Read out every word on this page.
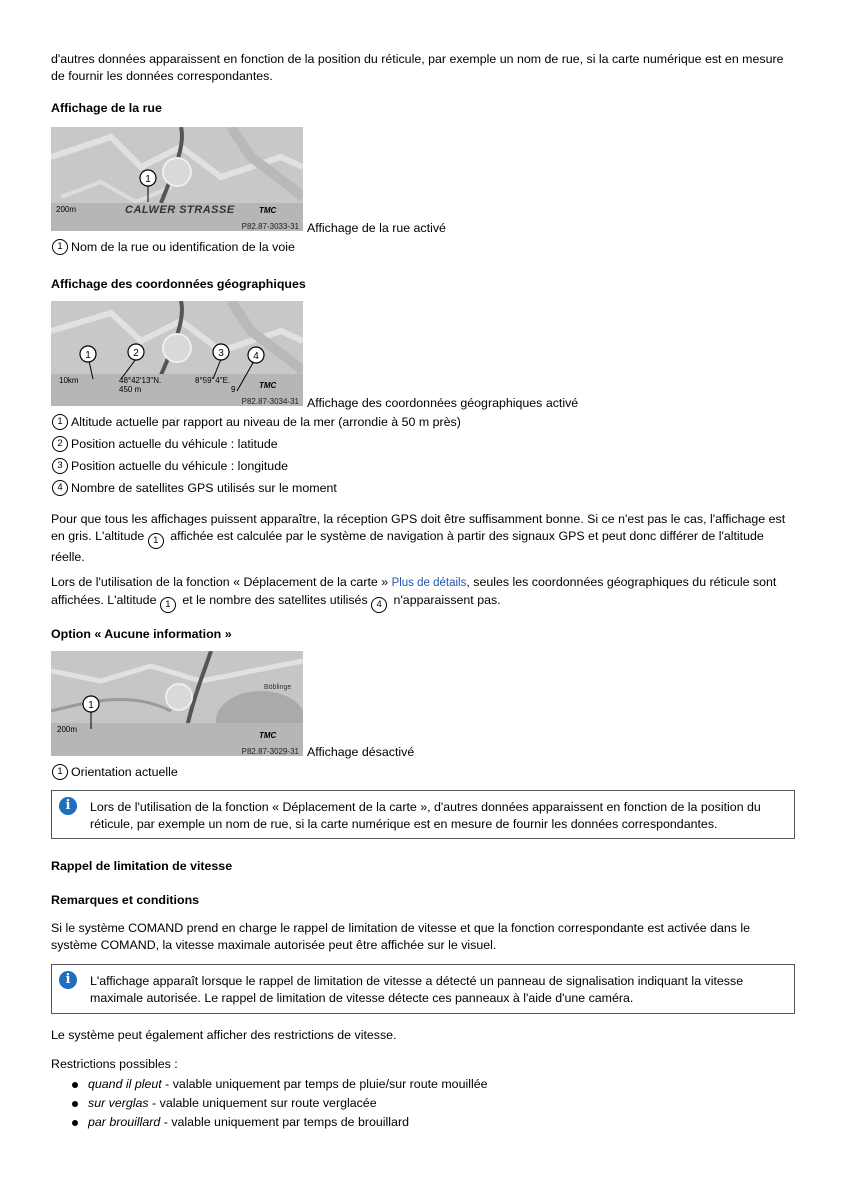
d'autres données apparaissent en fonction de la position du réticule, par exemple un nom de rue, si la carte numérique est en mesure de fournir les données correspondantes.

Affichage de la rue

1
200m	CALWER STRASSE	TMC
P82.87-3033-31 Affichage de la rue activé

1 Nom de la rue ou identification de la voie

Affichage des coordonnées géographiques

1	2	3	4
10km	48°42'13"N.
450 m
8°59' 4"E.
9	TMC
P82.87-3034-31 Affichage des coordonnées géographiques activé

1 Altitude actuelle par rapport au niveau de la mer (arrondie à 50 m près)
2 Position actuelle du véhicule : latitude
3 Position actuelle du véhicule : longitude
4 Nombre de satellites GPS utilisés sur le moment

Pour que tous les affichages puissent apparaître, la réception GPS doit être suffisamment bonne. Si ce n'est pas le cas, l'affichage est en gris. L'altitude 1 affichée est calculée par le système de navigation à partir des signaux GPS et peut donc différer de l'altitude réelle.

Lors de l'utilisation de la fonction « Déplacement de la carte » Plus de détails, seules les coordonnées géographiques du réticule sont affichées. L'altitude 1 et le nombre des satellites utilisés 4 n'apparaissent pas.

Option « Aucune information »

1
200m
Böblinge
TMC
P82.87-3029-31 Affichage désactivé

1 Orientation actuelle
i	Lors de l'utilisation de la fonction « Déplacement de la carte », d'autres données apparaissent en fonction de la position du réticule, par exemple un nom de rue, si la carte numérique est en mesure de fournir les données correspondantes.

Rappel de limitation de vitesse

Remarques et conditions

Si le système COMAND prend en charge le rappel de limitation de vitesse et que la fonction correspondante est activée dans le système COMAND, la vitesse maximale autorisée peut être affichée sur le visuel.

i	L'affichage apparaît lorsque le rappel de limitation de vitesse a détecté un panneau de signalisation indiquant la vitesse maximale autorisée. Le rappel de limitation de vitesse détecte ces panneaux à l'aide d'une caméra.

Le système peut également afficher des restrictions de vitesse.

Restrictions possibles :

quand il pleut - valable uniquement par temps de pluie/sur route mouillée

sur verglas - valable uniquement sur route verglacée

par brouillard - valable uniquement par temps de brouillard
